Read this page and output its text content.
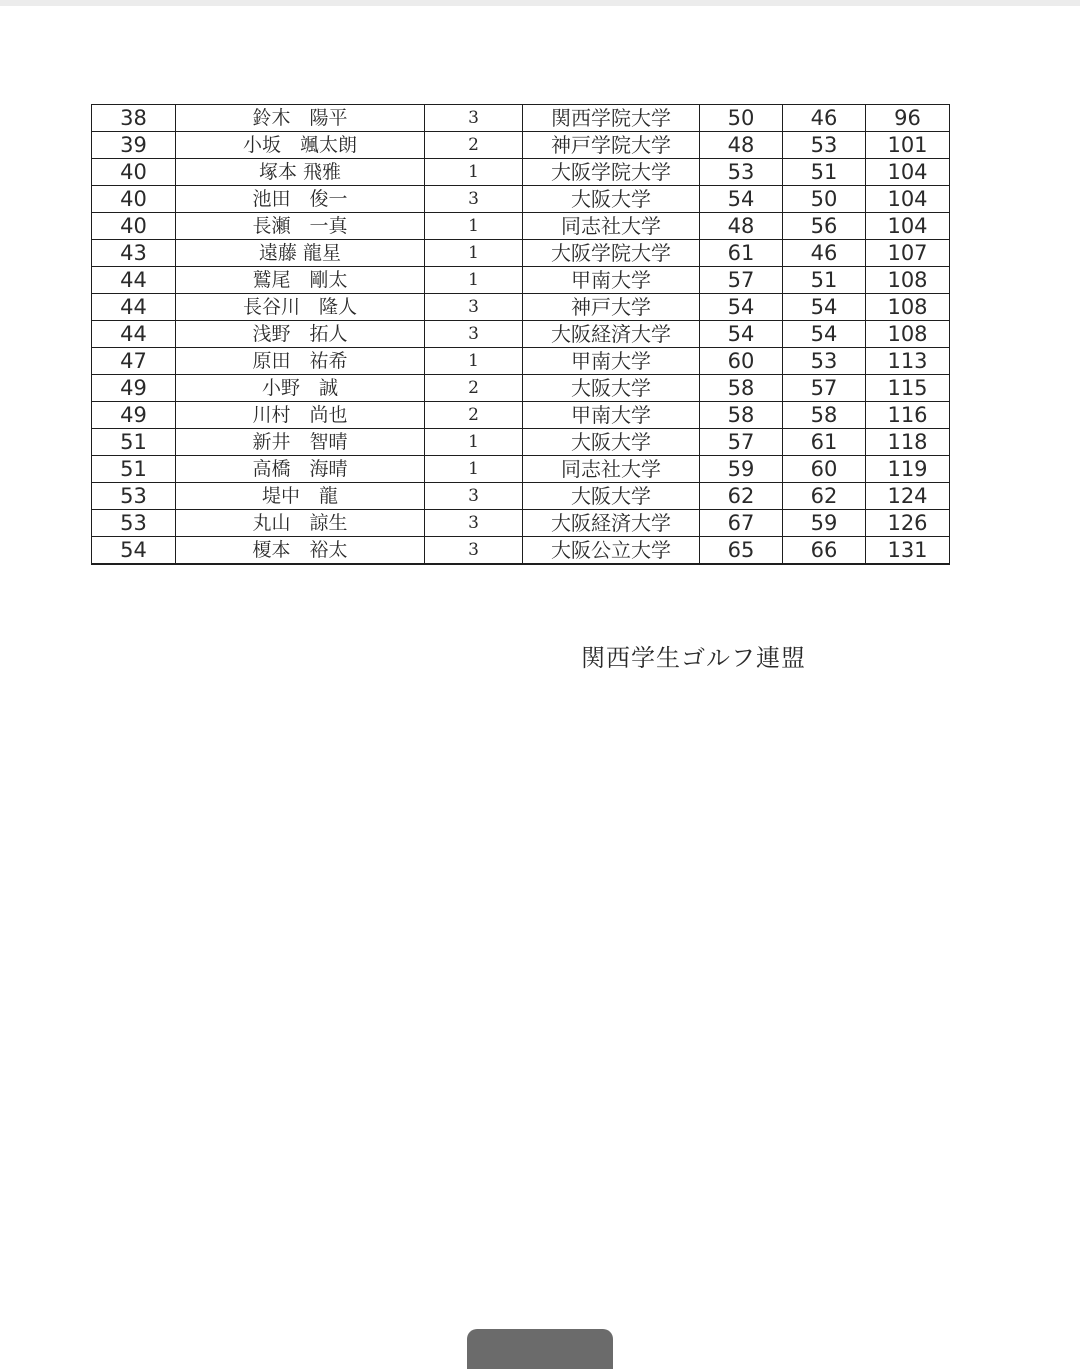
38	鈴木　陽平	3	関西学院大学	50	46	96
39	小坂　颯太朗	2	神戸学院大学	48	53	101
40	塚本 飛雅	1	大阪学院大学	53	51	104
40	池田　俊一	3	大阪大学	54	50	104
40	長瀬　一真	1	同志社大学	48	56	104
43	遠藤 龍星	1	大阪学院大学	61	46	107
44	鷲尾　剛太	1	甲南大学	57	51	108
44	長谷川　隆人	3	神戸大学	54	54	108
44	浅野　拓人	3	大阪経済大学	54	54	108
47	原田　祐希	1	甲南大学	60	53	113
49	小野　誠	2	大阪大学	58	57	115
49	川村　尚也	2	甲南大学	58	58	116
51	新井　智晴	1	大阪大学	57	61	118
51	高橋　海晴	1	同志社大学	59	60	119
53	堤中　龍	3	大阪大学	62	62	124
53	丸山　諒生	3	大阪経済大学	67	59	126
54	榎本　裕太	3	大阪公立大学	65	66	131
関西学生ゴルフ連盟
